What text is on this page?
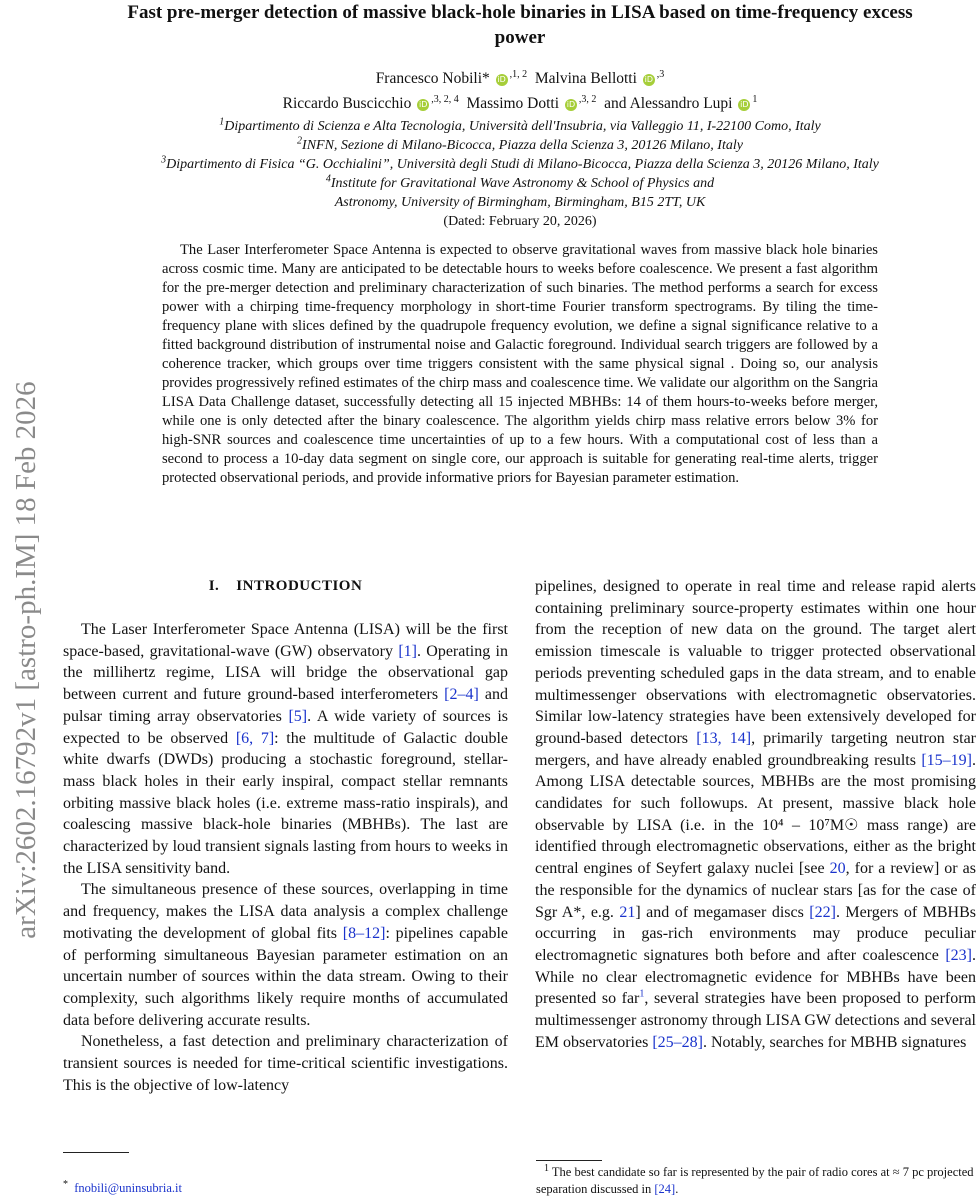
arXiv:2602.16792v1 [astro-ph.IM] 18 Feb 2026
Fast pre-merger detection of massive black-hole binaries in LISA based on time-frequency excess power
Francesco Nobili* iD $^{,1, 2}$ Malvina Bellotti iD $^{,3}$
Riccardo Buscicchio iD $^{,3, 2, 4}$ Massimo Dotti iD $^{,3, 2}$ and Alessandro Lupi iD $^1$
$^1$Dipartimento di Scienza e Alta Tecnologia, Università dell'Insubria, via Valleggio 11, I-22100 Como, Italy
$^2$INFN, Sezione di Milano-Bicocca, Piazza della Scienza 3, 20126 Milano, Italy
$^3$Dipartimento di Fisica “G. Occhialini”, Università degli Studi di Milano-Bicocca, Piazza della Scienza 3, 20126 Milano, Italy
$^4$Institute for Gravitational Wave Astronomy & School of Physics and
Astronomy, University of Birmingham, Birmingham, B15 2TT, UK
(Dated: February 20, 2026)

The Laser Interferometer Space Antenna is expected to observe gravitational waves from massive black hole binaries across cosmic time. Many are anticipated to be detectable hours to weeks before coalescence. We present a fast algorithm for the pre-merger detection and preliminary characterization of such binaries. The method performs a search for excess power with a chirping time-frequency morphology in short-time Fourier transform spectrograms. By tiling the time-frequency plane with slices defined by the quadrupole frequency evolution, we define a signal significance relative to a fitted background distribution of instrumental noise and Galactic foreground. Individual search triggers are followed by a coherence tracker, which groups over time triggers consistent with the same physical signal . Doing so, our analysis provides progressively refined estimates of the chirp mass and coalescence time. We validate our algorithm on the Sangria LISA Data Challenge dataset, successfully detecting all 15 injected MBHBs: 14 of them hours-to-weeks before merger, while one is only detected after the binary coalescence. The algorithm yields chirp mass relative errors below 3% for high-SNR sources and coalescence time uncertainties of up to a few hours. With a computational cost of less than a second to process a 10-day data segment on single core, our approach is suitable for generating real-time alerts, trigger protected observational periods, and provide informative priors for Bayesian parameter estimation.

I. INTRODUCTION

The Laser Interferometer Space Antenna (LISA) will be the first space-based, gravitational-wave (GW) observatory [1]. Operating in the millihertz regime, LISA will bridge the observational gap between current and future ground-based interferometers [2–4] and pulsar timing array observatories [5]. A wide variety of sources is expected to be observed [6, 7]: the multitude of Galactic double white dwarfs (DWDs) producing a stochastic foreground, stellar-mass black holes in their early inspiral, compact stellar remnants orbiting massive black holes (i.e. extreme mass-ratio inspirals), and coalescing massive black-hole binaries (MBHBs). The last are characterized by loud transient signals lasting from hours to weeks in the LISA sensitivity band.

The simultaneous presence of these sources, overlapping in time and frequency, makes the LISA data analysis a complex challenge motivating the development of global fits [8–12]: pipelines capable of performing simultaneous Bayesian parameter estimation on an uncertain number of sources within the data stream. Owing to their complexity, such algorithms likely require months of accumulated data before delivering accurate results.

Nonetheless, a fast detection and preliminary characterization of transient sources is needed for time-critical scientific investigations. This is the objective of low-latency

pipelines, designed to operate in real time and release rapid alerts containing preliminary source-property estimates within one hour from the reception of new data on the ground. The target alert emission timescale is valuable to trigger protected observational periods preventing scheduled gaps in the data stream, and to enable multimessenger observations with electromagnetic observatories. Similar low-latency strategies have been extensively developed for ground-based detectors [13, 14], primarily targeting neutron star mergers, and have already enabled groundbreaking results [15–19]. Among LISA detectable sources, MBHBs are the most promising candidates for such followups. At present, massive black hole observable by LISA (i.e. in the 10⁴ – 10⁷M☉ mass range) are identified through electromagnetic observations, either as the bright central engines of Seyfert galaxy nuclei [see 20, for a review] or as the responsible for the dynamics of nuclear stars [as for the case of Sgr A*, e.g. 21] and of megamaser discs [22]. Mergers of MBHBs occurring in gas-rich environments may produce peculiar electromagnetic signatures both before and after coalescence [23]. While no clear electromagnetic evidence for MBHBs have been presented so far$^1$, several strategies have been proposed to perform multimessenger astronomy through LISA GW detections and several EM observatories [25–28]. Notably, searches for MBHB signatures

* fnobili@uninsubria.it

$^1$ The best candidate so far is represented by the pair of radio cores at ≈ 7 pc projected separation discussed in [24].
